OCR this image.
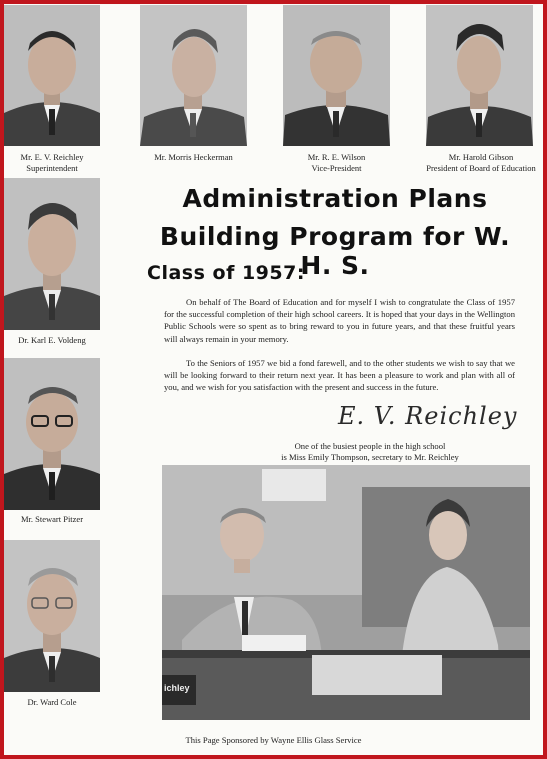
Mr. E. V. Reichley
Superintendent
Mr. Morris Heckerman	Mr. R. E. Wilson
Vice-President
Mr. Harold Gibson
President of Board of Education
Dr. Karl E. Voldeng
Mr. Stewart Pitzer
Dr. Ward Cole
Administration Plans
Building Program for W. H. S.
Class of 1957:

On behalf of The Board of Education and for myself I wish to congratulate the Class of 1957 for the successful completion of their high school careers. It is hoped that your days in the Wellington Public Schools were so spent as to bring reward to you in future years, and that these fruitful years will always remain in your memory.

To the Seniors of 1957 we bid a fond farewell, and to the other students we wish to say that we will be looking forward to their return next year. It has been a pleasure to work and plan with all of you, and we wish for you satisfaction with the present and success in the future.

E. V. Reichley
One of the busiest people in the high school
is Miss Emily Thompson, secretary to Mr. Reichley
ichley
This Page Sponsored by Wayne Ellis Glass Service
